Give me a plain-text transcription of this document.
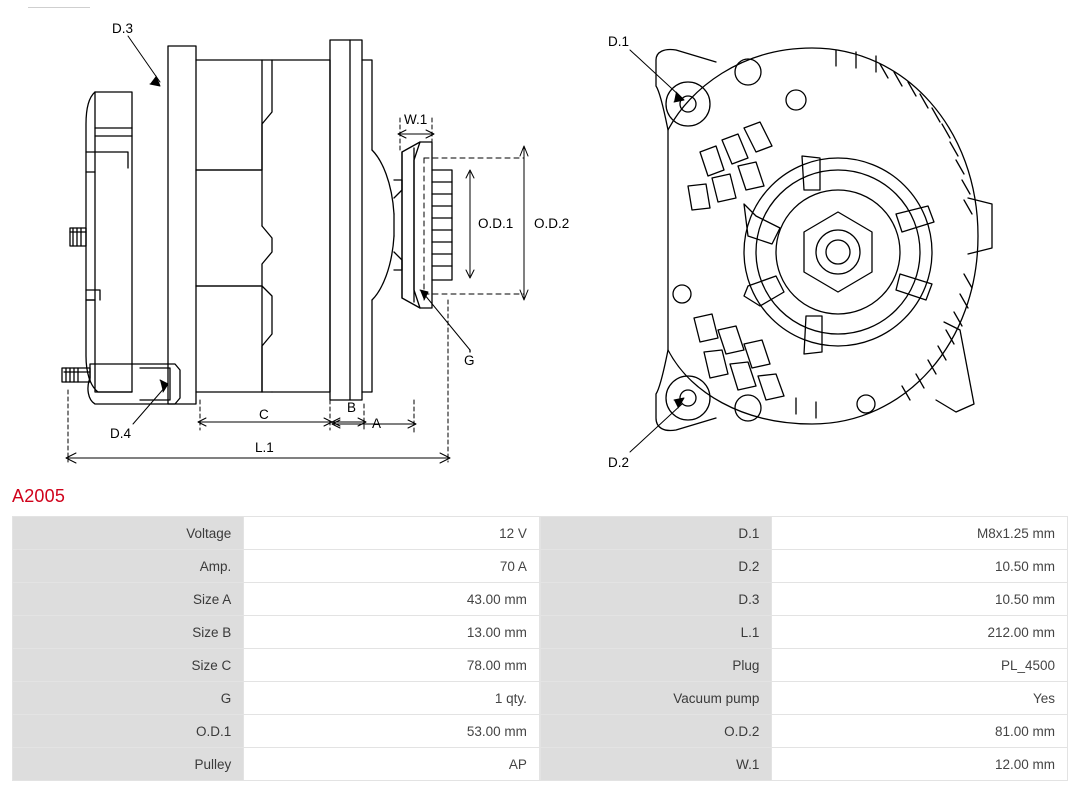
D.3
D.4
W.1
O.D.1 O.D.2
G
C	B
A
L.1
D.1
D.2
A2005
Voltage	12 V		D.1	M8x1.25 mm
Amp.	70 A		D.2	10.50 mm
Size A	43.00 mm		D.3	10.50 mm
Size B	13.00 mm		L.1	212.00 mm
Size C	78.00 mm		Plug	PL_4500
G	1 qty.		Vacuum pump	Yes
O.D.1	53.00 mm		O.D.2	81.00 mm
Pulley	AP		W.1	12.00 mm
